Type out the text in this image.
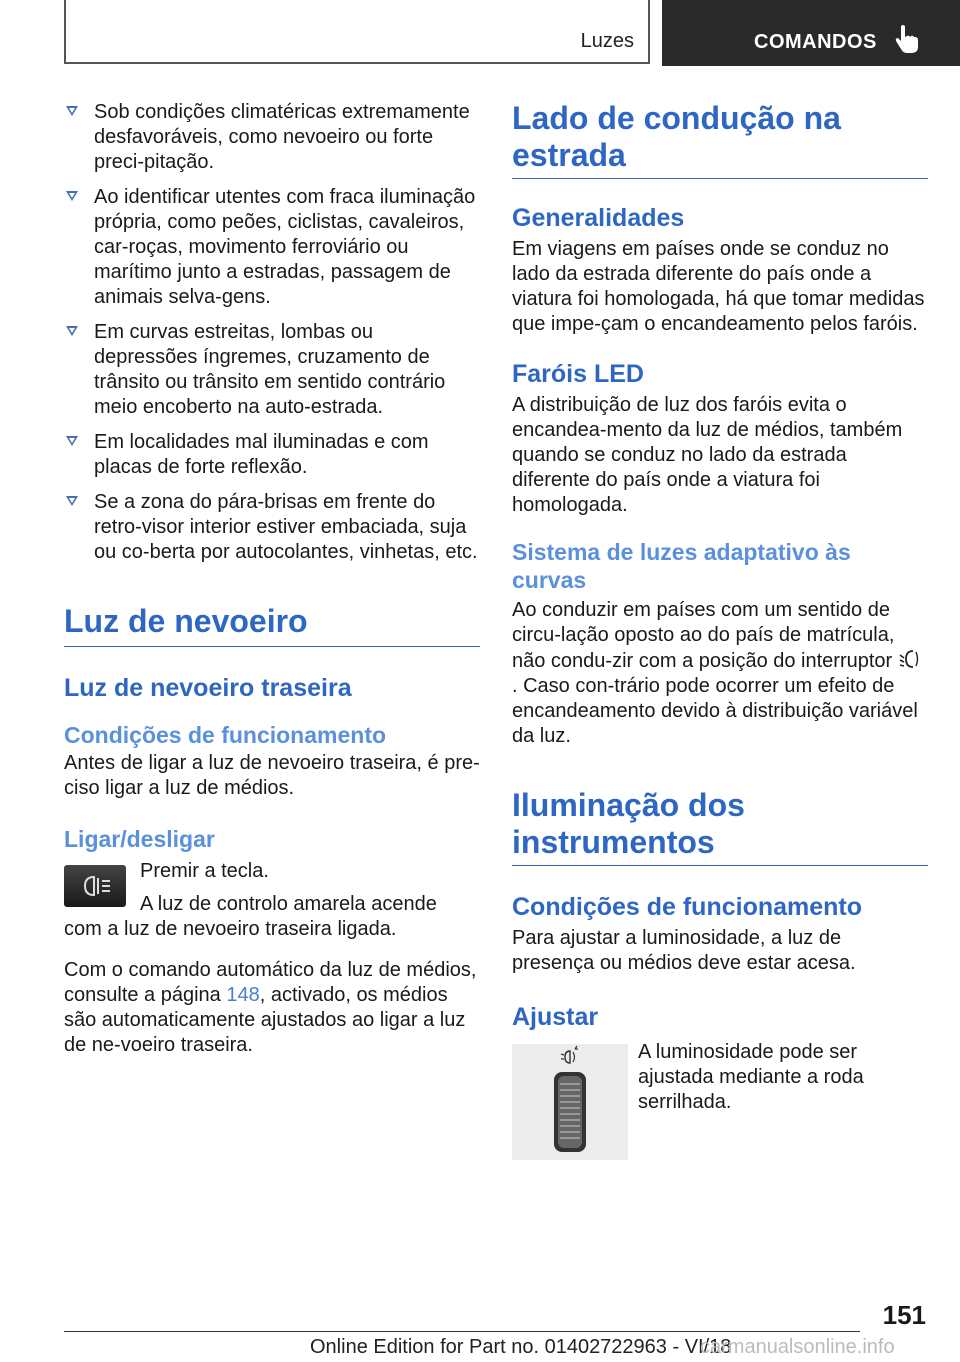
Luzes	COMANDOS
Sob condições climatéricas extremamente desfavoráveis, como nevoeiro ou forte preci-pitação.
Ao identificar utentes com fraca iluminação própria, como peões, ciclistas, cavaleiros, car-roças, movimento ferroviário ou marítimo junto a estradas, passagem de animais selva-gens.
Em curvas estreitas, lombas ou depressões íngremes, cruzamento de trânsito ou trânsito em sentido contrário meio encoberto na auto-estrada.
Em localidades mal iluminadas e com placas de forte reflexão.
Se a zona do pára-brisas em frente do retro-visor interior estiver embaciada, suja ou co-berta por autocolantes, vinhetas, etc.
Luz de nevoeiro
Luz de nevoeiro traseira
Condições de funcionamento

Antes de ligar a luz de nevoeiro traseira, é pre-ciso ligar a luz de médios.

Ligar/desligar

Premir a tecla.

A luz de controlo amarela acende com a luz de nevoeiro traseira ligada.

Com o comando automático da luz de médios, consulte a página 148, activado, os médios são automaticamente ajustados ao ligar a luz de ne-voeiro traseira.

Lado de condução na estrada
Generalidades

Em viagens em países onde se conduz no lado da estrada diferente do país onde a viatura foi homologada, há que tomar medidas que impe-çam o encandeamento pelos faróis.

Faróis LED

A distribuição de luz dos faróis evita o encandea-mento da luz de médios, também quando se conduz no lado da estrada diferente do país onde a viatura foi homologada.

Sistema de luzes adaptativo às curvas

Ao conduzir em países com um sentido de circu-lação oposto ao do país de matrícula, não condu-zir com a posição do interruptor  . Caso con-trário pode ocorrer um efeito de encandeamento devido à distribuição variável da luz.

Iluminação dos instrumentos
Condições de funcionamento

Para ajustar a luminosidade, a luz de presença ou médios deve estar acesa.

Ajustar

A luminosidade pode ser ajustada mediante a roda serrilhada.

151
Online Edition for Part no. 01402722963 - VI/18
carmanualsonline.info
